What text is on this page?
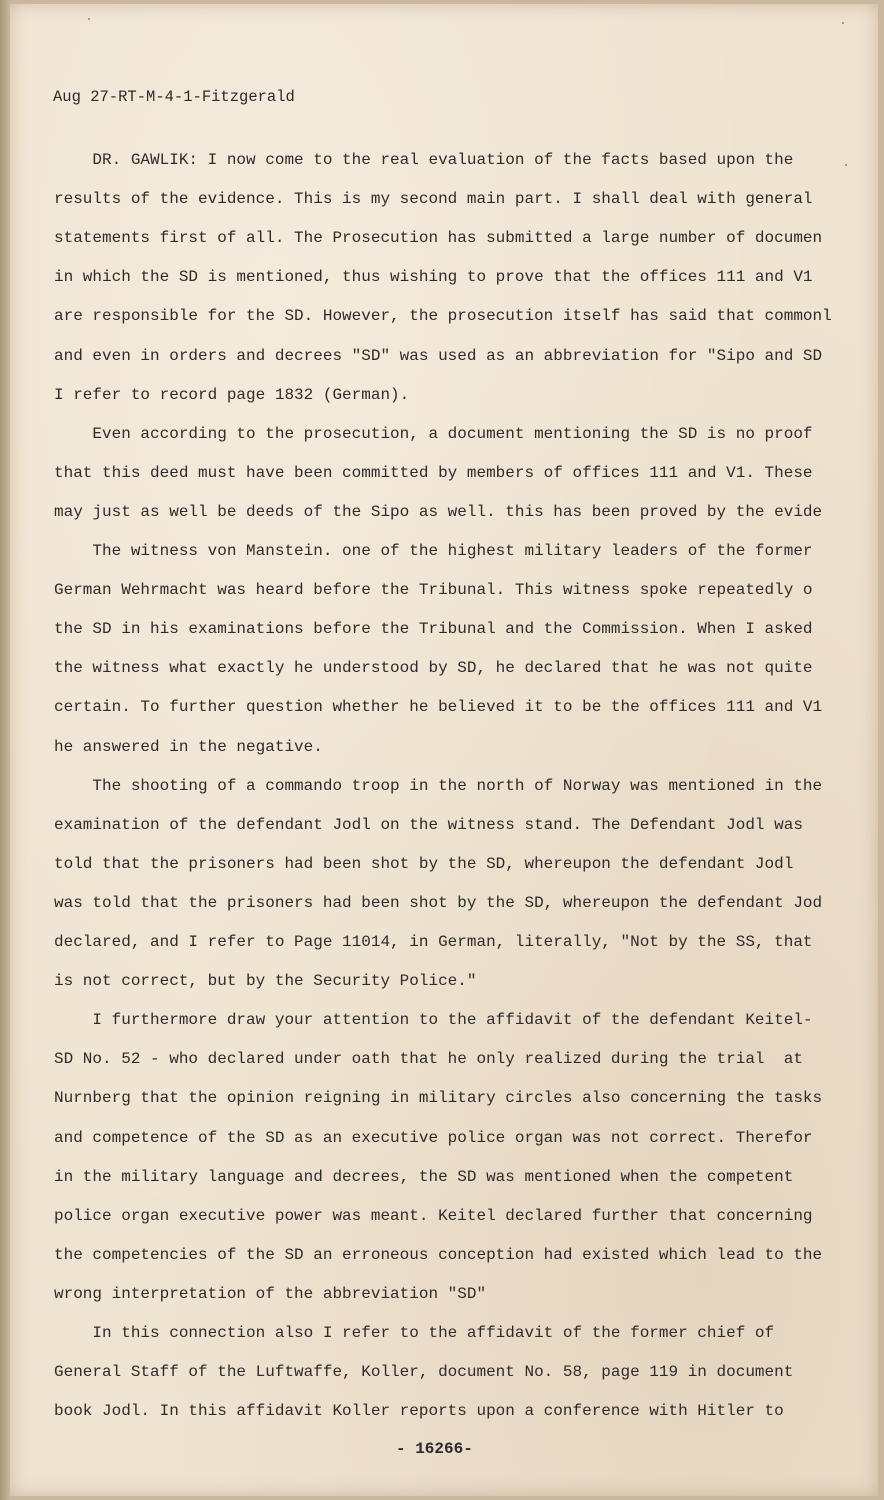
Aug 27-RT-M-4-1-Fitzgerald
DR. GAWLIK: I now come to the real evaluation of the facts based upon the
results of the evidence. This is my second main part. I shall deal with general
statements first of all. The Prosecution has submitted a large number of documen
in which the SD is mentioned, thus wishing to prove that the offices 111 and V1
are responsible for the SD. However, the prosecution itself has said that commonl
and even in orders and decrees "SD" was used as an abbreviation for "Sipo and SD
I refer to record page 1832 (German).
Even according to the prosecution, a document mentioning the SD is no proof
that this deed must have been committed by members of offices 111 and V1. These
may just as well be deeds of the Sipo as well. this has been proved by the evide
The witness von Manstein. one of the highest military leaders of the former
German Wehrmacht was heard before the Tribunal. This witness spoke repeatedly o
the SD in his examinations before the Tribunal and the Commission. When I asked
the witness what exactly he understood by SD, he declared that he was not quite
certain. To further question whether he believed it to be the offices 111 and V1
he answered in the negative.
The shooting of a commando troop in the north of Norway was mentioned in the
examination of the defendant Jodl on the witness stand. The Defendant Jodl was
told that the prisoners had been shot by the SD, whereupon the defendant Jodl
was told that the prisoners had been shot by the SD, whereupon the defendant Jod
declared, and I refer to Page 11014, in German, literally, "Not by the SS, that
is not correct, but by the Security Police."
I furthermore draw your attention to the affidavit of the defendant Keitel-
SD No. 52 - who declared under oath that he only realized during the trial  at
Nurnberg that the opinion reigning in military circles also concerning the tasks
and competence of the SD as an executive police organ was not correct. Therefor
in the military language and decrees, the SD was mentioned when the competent
police organ executive power was meant. Keitel declared further that concerning
the competencies of the SD an erroneous conception had existed which lead to the
wrong interpretation of the abbreviation "SD"
In this connection also I refer to the affidavit of the former chief of
General Staff of the Luftwaffe, Koller, document No. 58, page 119 in document
book Jodl. In this affidavit Koller reports upon a conference with Hitler to
- 16266-
